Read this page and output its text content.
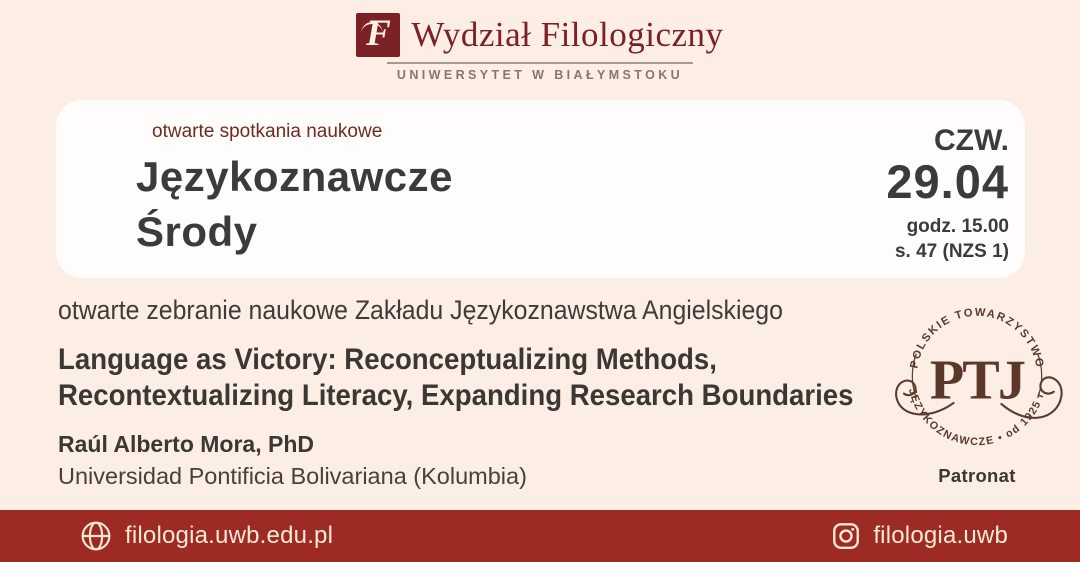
F Wydział Filologiczny
UNIWERSYTET W BIAŁYMSTOKU
otwarte spotkania naukowe
Językoznawcze
Środy
CZW.
29.04
godz. 15.00
s. 47 (NZS 1)
otwarte zebranie naukowe Zakładu Językoznawstwa Angielskiego
Language as Victory: Reconceptualizing Methods,
Recontextualizing Literacy, Expanding Research Boundaries
Raúl Alberto Mora, PhD
Universidad Pontificia Bolivariana (Kolumbia)
POLSKIE TOWARZYSTWO
JĘZYKOZNAWCZE • od 1925 r.
PTJ
Patronat
filologia.uwb.edu.pl	filologia.uwb
